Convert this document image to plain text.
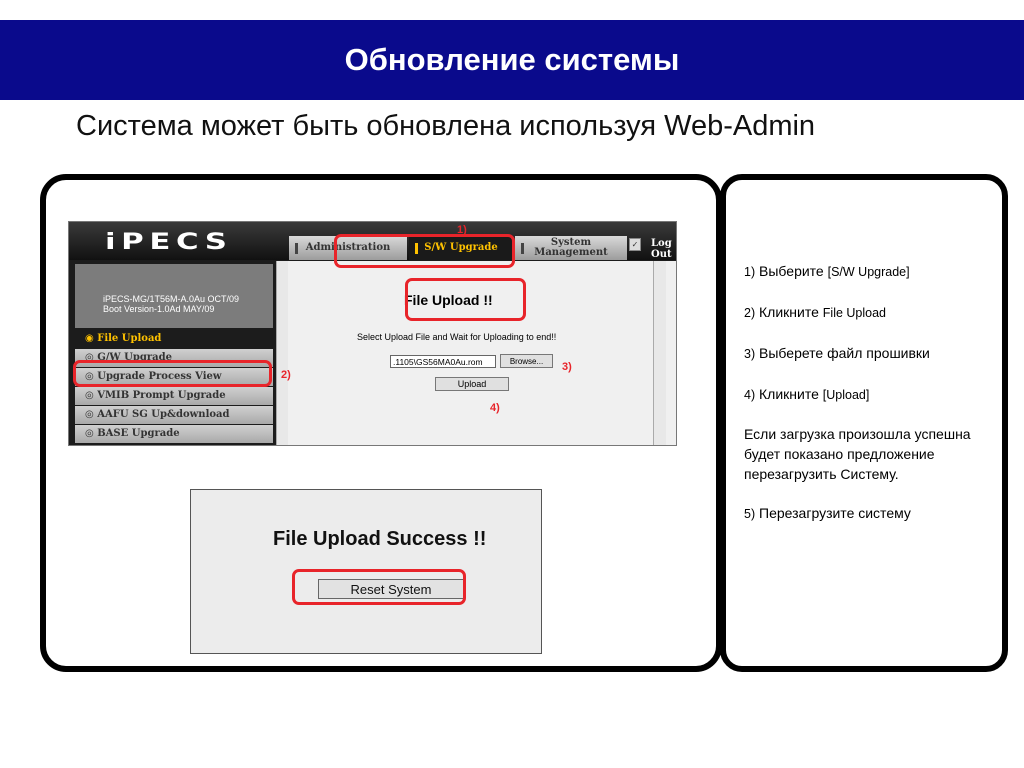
Обновление системы
Система может быть обновлена используя Web-Admin
iPECS	Administration	S/W Upgrade	System
Management
✓ Log
Out
iPECS-MG/1T56M-A.0Au OCT/09
Boot Version-1.0Ad MAY/09
◉ File Upload
◎ G/W Upgrade
◎ Upgrade Process View
◎ VMIB Prompt Upgrade
◎ AAFU SG Up&download
◎ BASE Upgrade
File Upload !!
Select Upload File and Wait for Uploading to end!!
.1105\GS56MA0Au.rom	Browse...
Upload
1)
2)
3)
4)
File Upload Success !!
Reset System

1) Выберите [S/W Upgrade]

2) Кликните File Upload

3) Выберете файл прошивки

4) Кликните [Upload]

Если загрузка произошла успешна будет показано предложение перезагрузить Систему.

5) Перезагрузите систему
